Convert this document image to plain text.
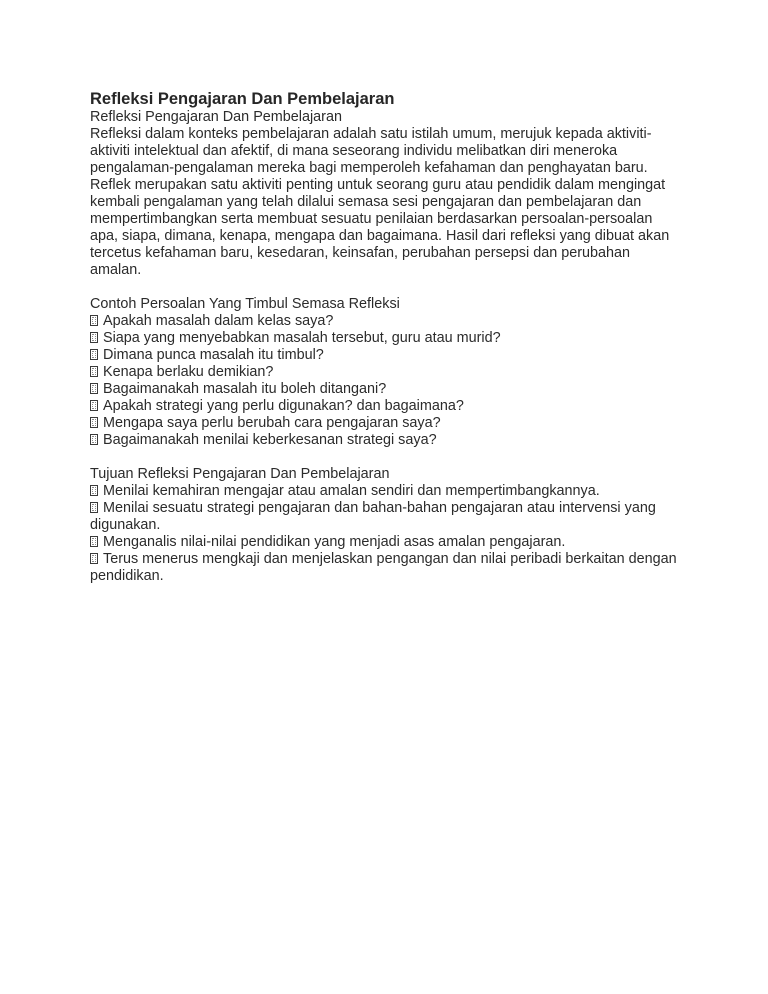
Refleksi Pengajaran Dan Pembelajaran
Refleksi Pengajaran Dan Pembelajaran

Refleksi dalam konteks pembelajaran adalah satu istilah umum, merujuk kepada aktiviti-aktiviti intelektual dan afektif, di mana seseorang individu melibatkan diri meneroka pengalaman-pengalaman mereka bagi memperoleh kefahaman dan penghayatan baru. Reflek merupakan satu aktiviti penting untuk seorang guru atau pendidik dalam mengingat kembali pengalaman yang telah dilalui semasa sesi pengajaran dan pembelajaran dan mempertimbangkan serta membuat sesuatu penilaian berdasarkan persoalan-persoalan apa, siapa, dimana, kenapa, mengapa dan bagaimana. Hasil dari refleksi yang dibuat akan tercetus kefahaman baru, kesedaran, keinsafan, perubahan persepsi dan perubahan amalan.

Contoh Persoalan Yang Timbul Semasa Refleksi
Apakah masalah dalam kelas saya?
Siapa yang menyebabkan masalah tersebut, guru atau murid?
Dimana punca masalah itu timbul?
Kenapa berlaku demikian?
Bagaimanakah masalah itu boleh ditangani?
Apakah strategi yang perlu digunakan? dan bagaimana?
Mengapa saya perlu berubah cara pengajaran saya?
Bagaimanakah menilai keberkesanan strategi saya?
Tujuan Refleksi Pengajaran Dan Pembelajaran
Menilai kemahiran mengajar atau amalan sendiri dan mempertimbangkannya.
Menilai sesuatu strategi pengajaran dan bahan-bahan pengajaran atau intervensi yang digunakan.
Menganalis nilai-nilai pendidikan yang menjadi asas amalan pengajaran.
Terus menerus mengkaji dan menjelaskan pengangan dan nilai peribadi berkaitan dengan pendidikan.
